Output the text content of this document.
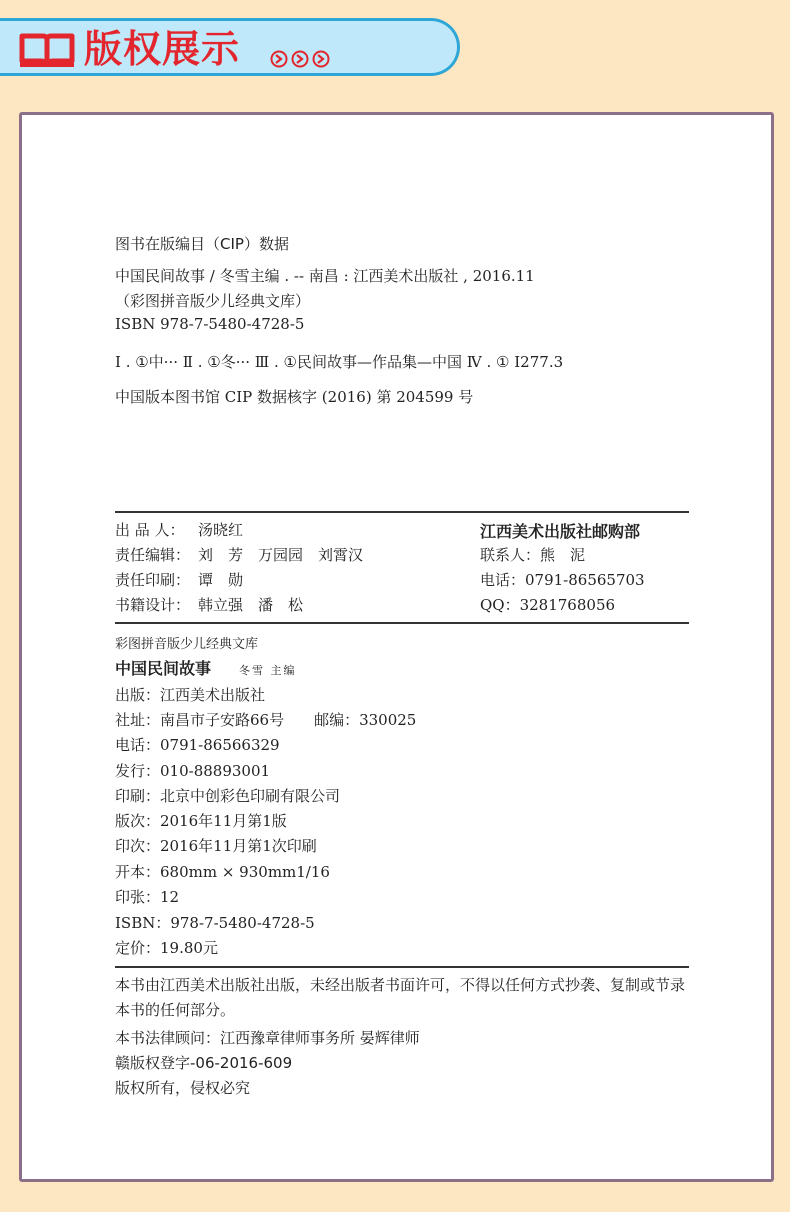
版权展示
图书在版编目（CIP）数据
中国民间故事 / 冬雪主编 . -- 南昌 : 江西美术出版社 , 2016.11
（彩图拼音版少儿经典文库）
ISBN 978-7-5480-4728-5
Ⅰ . ①中··· Ⅱ . ①冬··· Ⅲ . ①民间故事—作品集—中国 Ⅳ . ① I277.3
中国版本图书馆 CIP 数据核字 (2016) 第 204599 号
出 品 人： 汤晓红
责任编辑： 刘　芳　万园园　刘霄汉
责任印刷： 谭　勋
书籍设计： 韩立强　潘　松
江西美术出版社邮购部
联系人：熊　泥
电话：0791-86565703
QQ：3281768056
彩图拼音版少儿经典文库
中国民间故事	冬雪 主编
出版：江西美术出版社
社址：南昌市子安路66号　　邮编：330025
电话：0791-86566329
发行：010-88893001
印刷：北京中创彩色印刷有限公司
版次：2016年11月第1版
印次：2016年11月第1次印刷
开本：680mm × 930mm1/16
印张：12
ISBN：978-7-5480-4728-5
定价：19.80元
本书由江西美术出版社出版，未经出版者书面许可，不得以任何方式抄袭、复制或节录本书的任何部分。
本书法律顾问：江西豫章律师事务所 晏辉律师
赣版权登字-06-2016-609
版权所有，侵权必究
